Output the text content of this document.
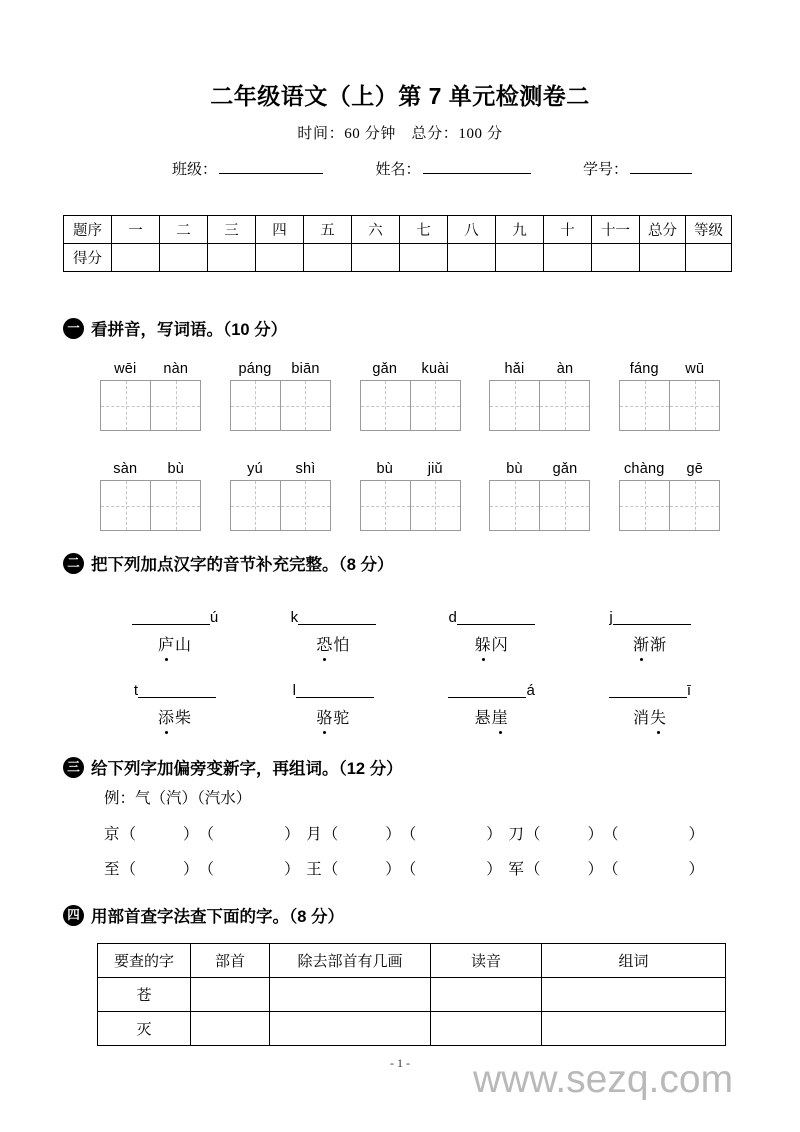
二年级语文（上）第 7 单元检测卷二
时间：60 分钟　总分：100 分
班级：	姓名：	学号：
题序	一	二	三	四	五	六	七	八	九	十	十一	总分	等级
得分													
一 看拼音，写词语。（10 分）
wēi	nàn	páng	biān	gǎn	kuài	hǎi	àn	fáng	wū
sàn	bù	yú	shì	bù	jiǔ	bù	gǎn	chàng	gē
二 把下列加点汉字的音节补充完整。（8 分）
ú
庐山
k
恐怕
d
躲闪
j
渐渐
t
添柴
l
骆驼
á
悬崖
ī
消失
三 给下列字加偏旁变新字，再组词。（12 分）
例：气（汽）（汽水）
京 （	） （	） 月 （	） （	） 刀 （	） （	）
至 （	） （	） 王 （	） （	） 军 （	） （	）
四 用部首查字法查下面的字。（8 分）
要查的字	部首	除去部首有几画	读音	组词
苍				
灭				
- 1 -	www.sezq.com
